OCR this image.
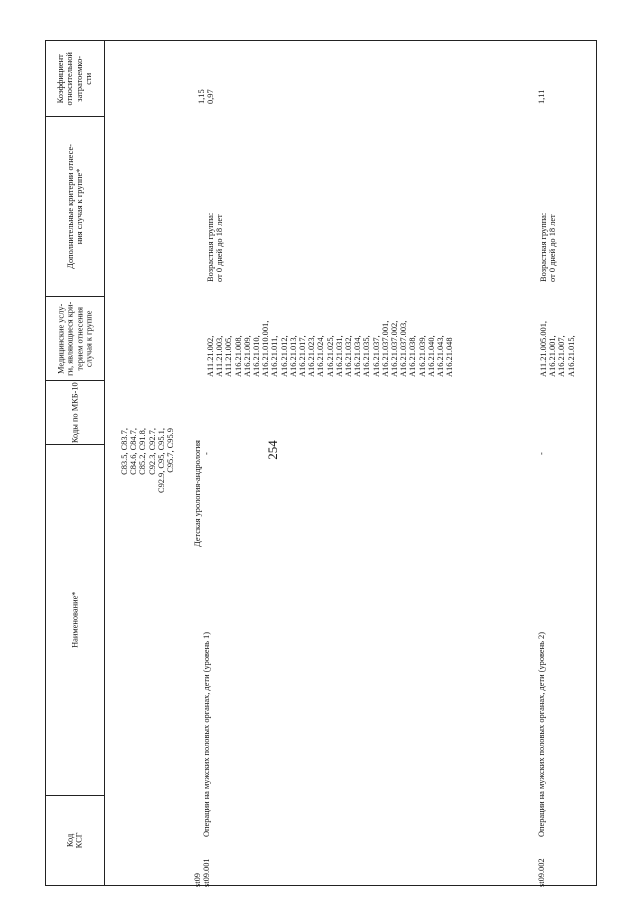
254
Код КСГ
Наименование*
Коды по МКБ-10
Медицинские услу- ги, являющиеся кри- терием отнесения случая к группе
Коэффициент относительной затратоемко- сти
С83.5, С83.7, С84.6, С84.7, С85.2, С91.8, С92.3, С92.7, С92.9, С95, С95.1, С95.7, С95.9
st09
Детская урология-андрология
st09.001
Операции на мужских половых органах, дети (уровень 1)
-
А11.21.002, А11.21.003, А11.21.005, А16.21.008, А16.21.009, А16.21.010, А16.21.010.001, А16.21.011, А16.21.012, А16.21.013, А16.21.017, А16.21.023, А16.21.024, А16.21.025, А16.21.031, А16.21.032, А16.21.034, А16.21.035, А16.21.037, А16.21.037.001, А16.21.037.002, А16.21.037.003, А16.21.038, А16.21.039, А16.21.040, А16.21.043, А16.21.048
Возрастная группа: от 0 дней до 18 лет
1,15 0,97
st09.002
Операции на мужских половых органах, дети (уровень 2)
-
А11.21.005.001, А16.21.001, А16.21.007, А16.21.015,
Возрастная группа: от 0 дней до 18 лет
1,11
Дополнительные критерии отнесе- ния случая к группе*
